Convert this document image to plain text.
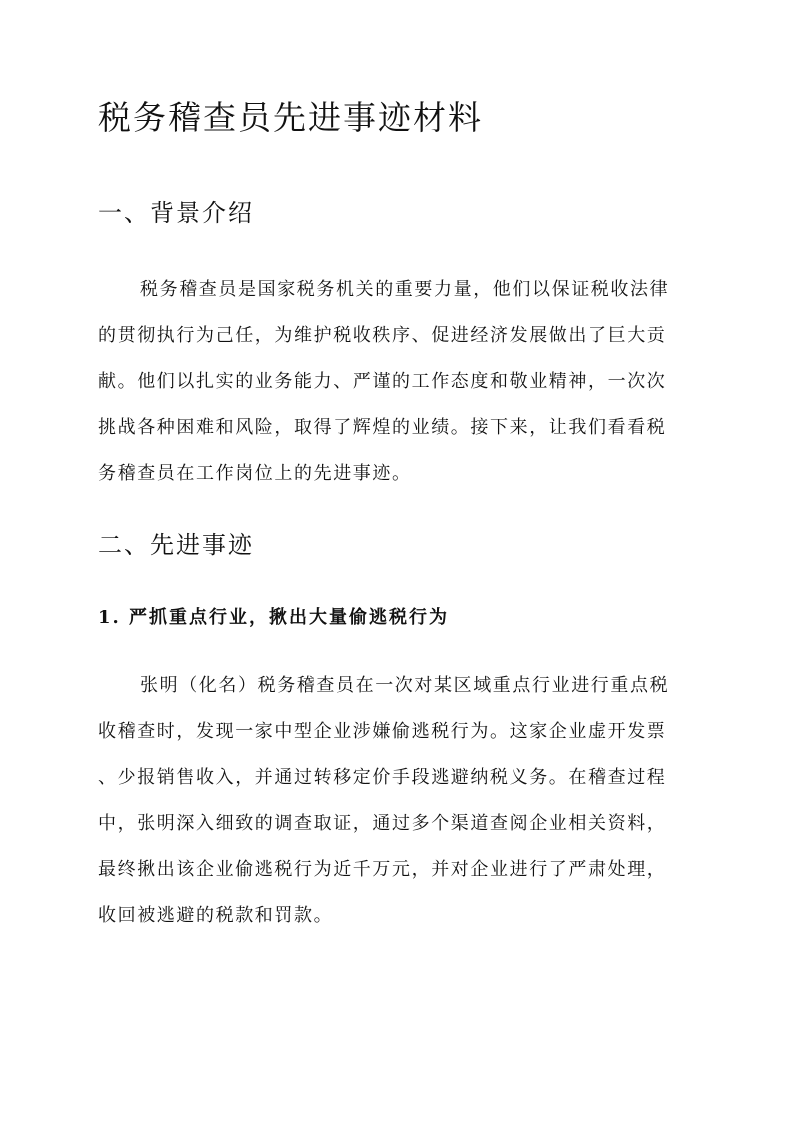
税务稽查员先进事迹材料
一、背景介绍
税务稽查员是国家税务机关的重要力量，他们以保证税收法律
的贯彻执行为己任，为维护税收秩序、促进经济发展做出了巨大贡
献。他们以扎实的业务能力、严谨的工作态度和敬业精神，一次次
挑战各种困难和风险，取得了辉煌的业绩。接下来，让我们看看税
务稽查员在工作岗位上的先进事迹。
二、先进事迹
1. 严抓重点行业，揪出大量偷逃税行为
张明（化名）税务稽查员在一次对某区域重点行业进行重点税
收稽查时，发现一家中型企业涉嫌偷逃税行为。这家企业虚开发票
、少报销售收入，并通过转移定价手段逃避纳税义务。在稽查过程
中，张明深入细致的调查取证，通过多个渠道查阅企业相关资料，
最终揪出该企业偷逃税行为近千万元，并对企业进行了严肃处理，
收回被逃避的税款和罚款。
